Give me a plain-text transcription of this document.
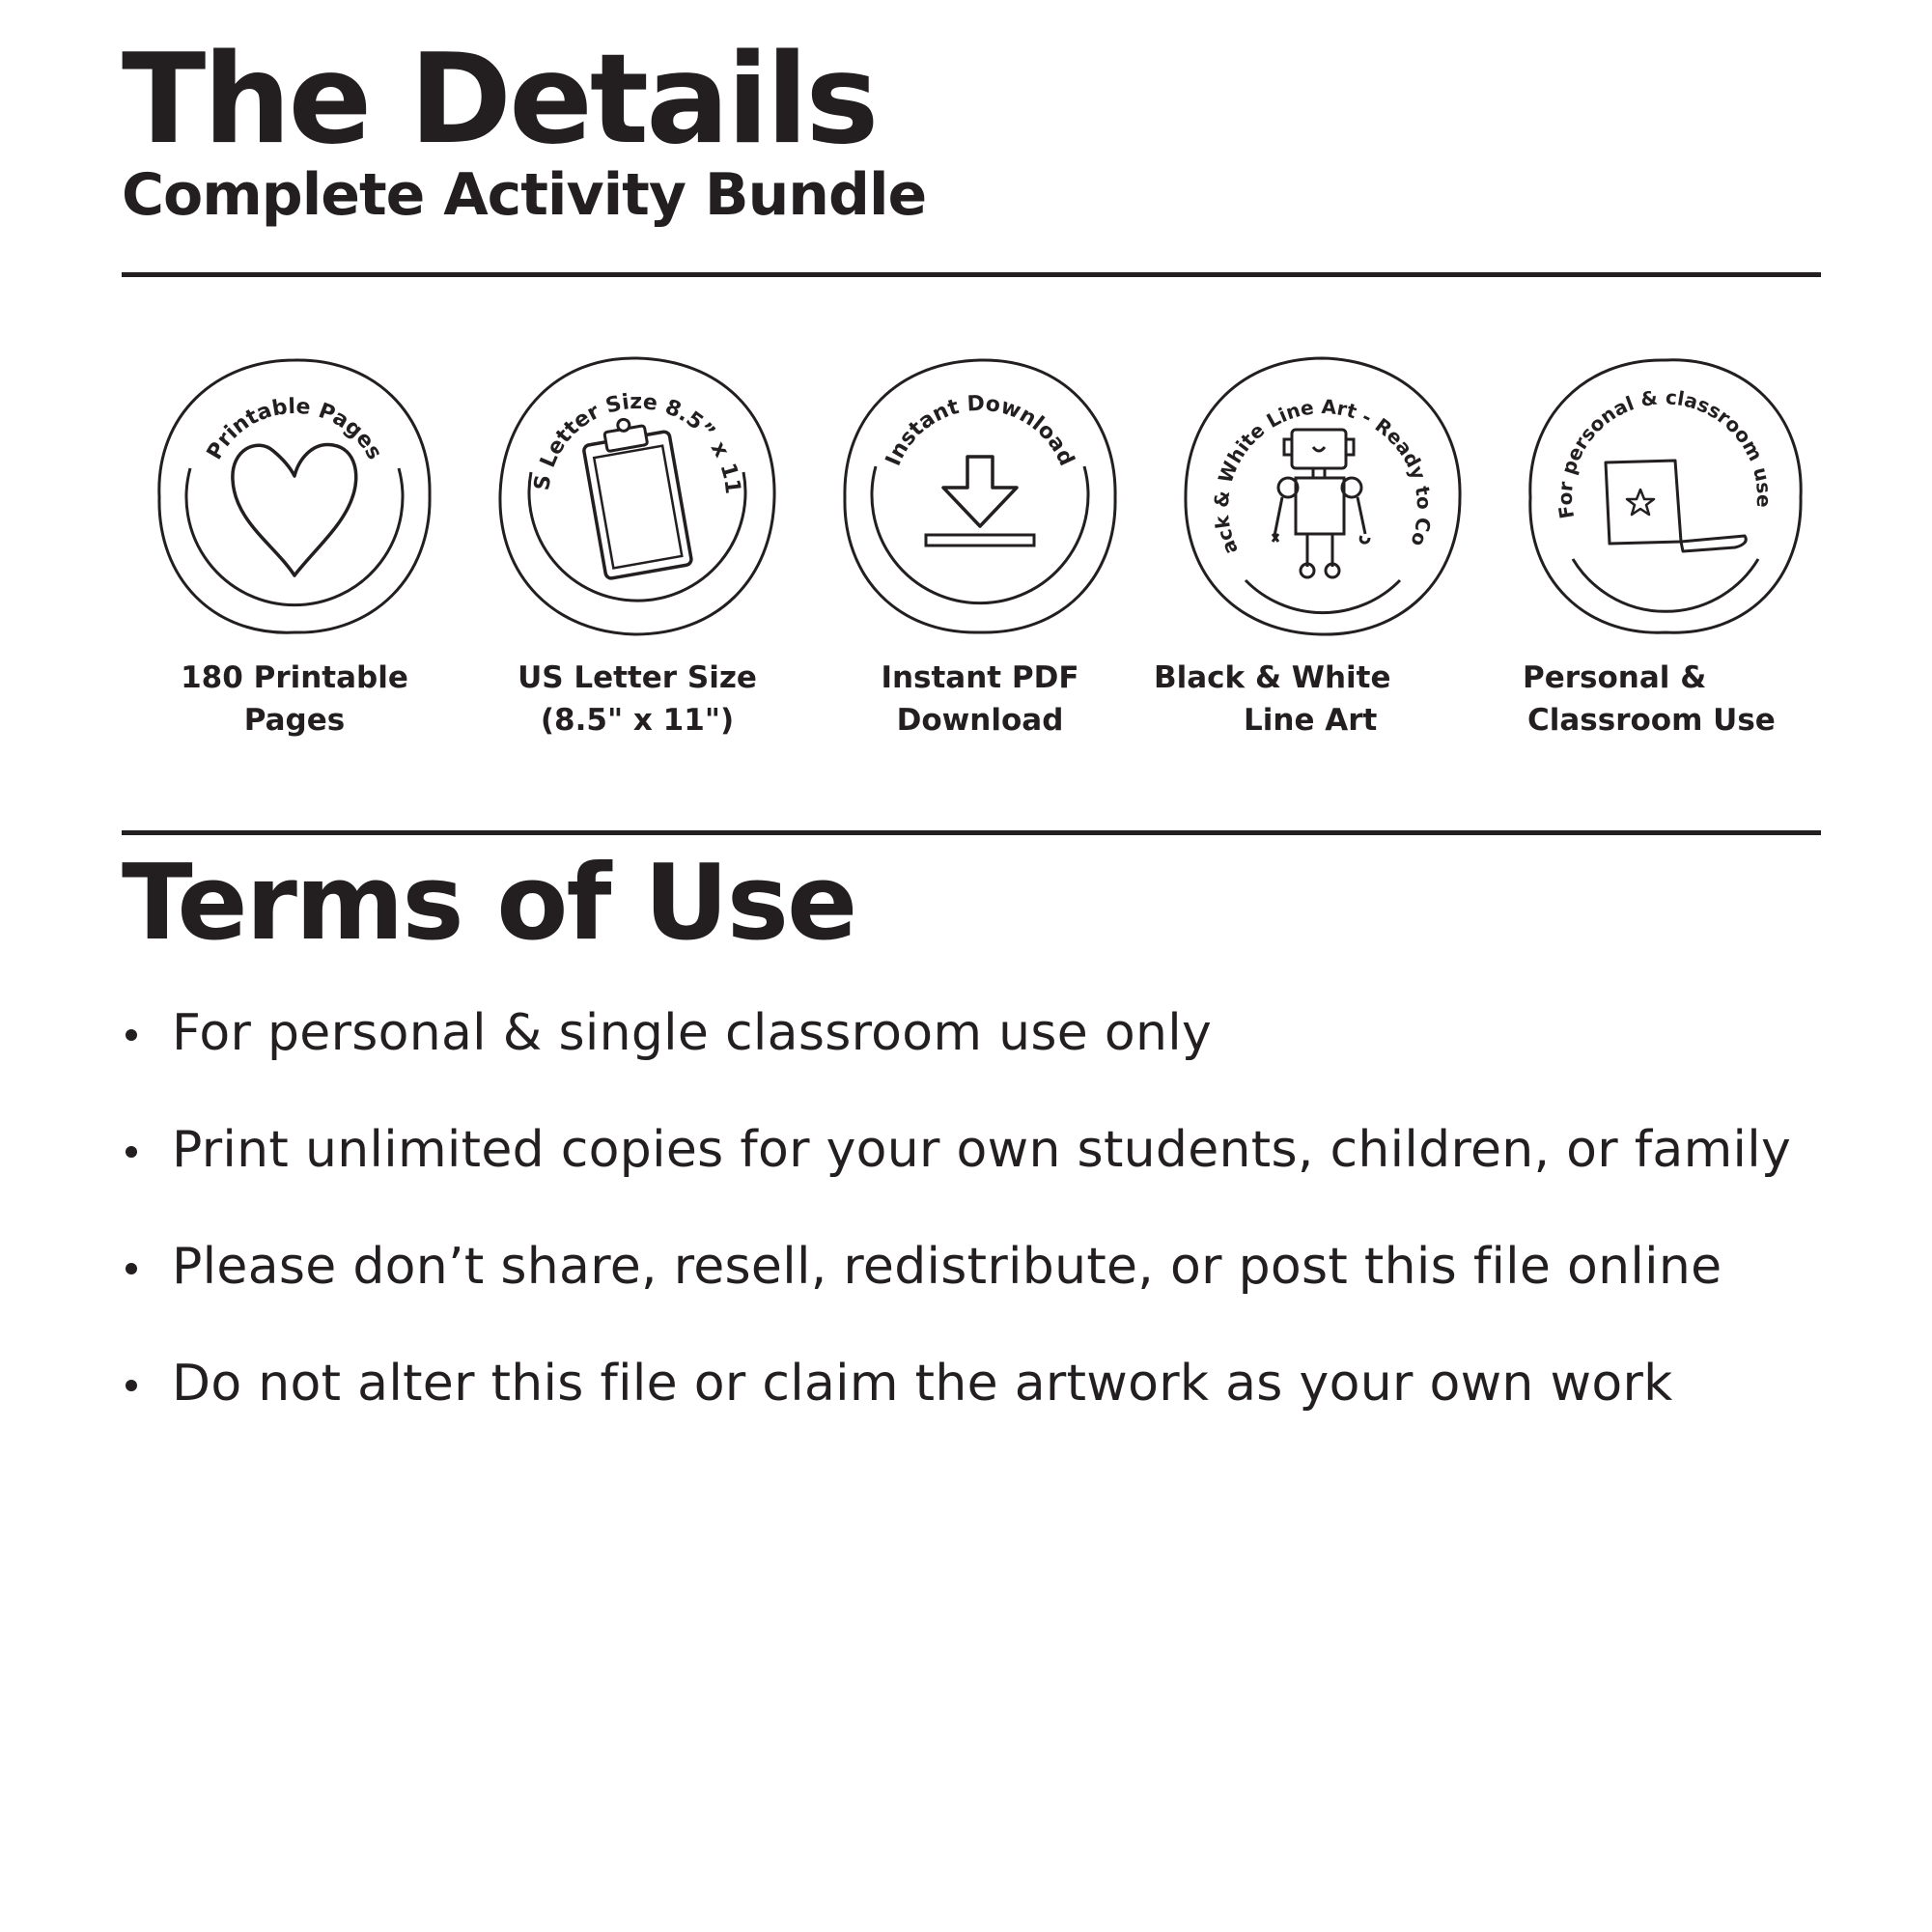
The Details
Complete Activity Bundle
Printable Pages
US Letter Size 8.5” x 11”
Instant Download
Black & White Line Art - Ready to Color
For personal & classroom use
180 Printable
Pages
US Letter Size
(8.5" x 11")
Instant PDF
Download
Black & White
Line Art
Personal &
Classroom Use
Terms of Use
For personal & single classroom use only
Print unlimited copies for your own students, children, or family
Please don’t share, resell, redistribute, or post this file online
Do not alter this file or claim the artwork as your own work
